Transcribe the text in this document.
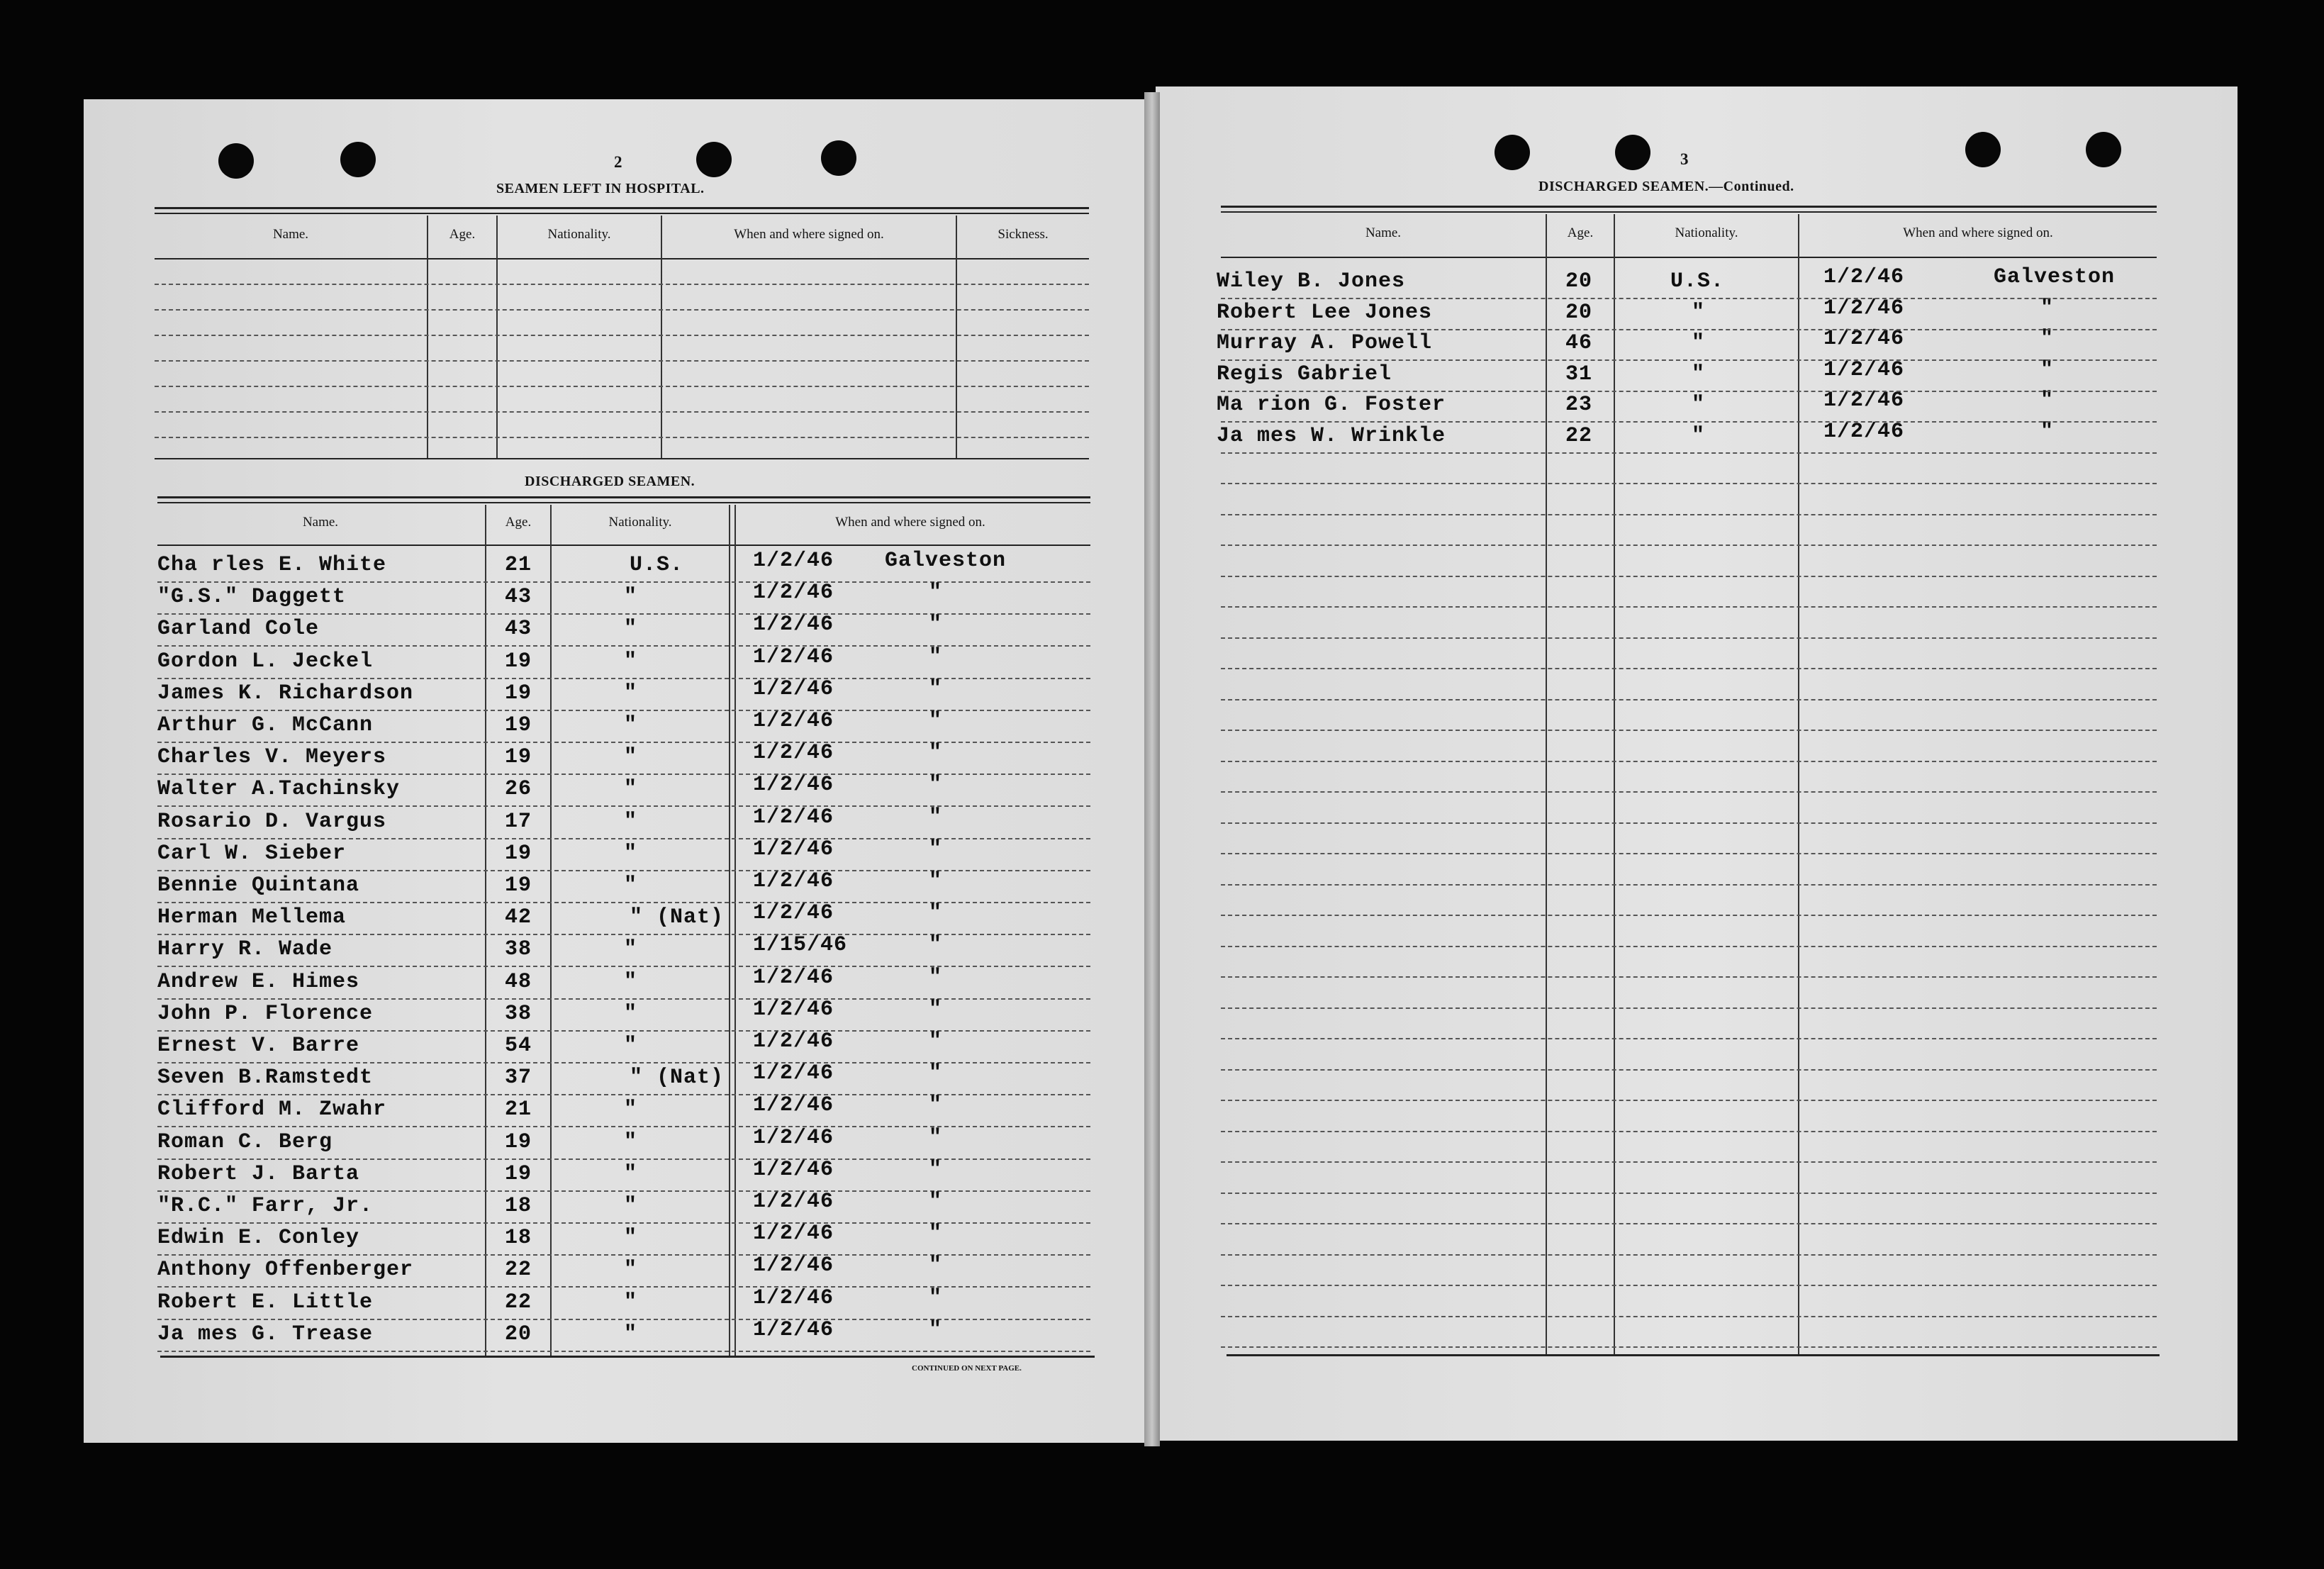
2
SEAMEN LEFT IN HOSPITAL.
Name.	Age.	Nationality.	When and where signed on.	Sickness.
DISCHARGED SEAMEN.
Name.	Age.	Nationality.	When and where signed on.
Cha rles E. White	21	U.S.	1/2/46 Galveston
"G.S." Daggett	43	"	1/2/46	"
Garland Cole	43	"	1/2/46	"
Gordon L. Jeckel	19	"	1/2/46	"
James K. Richardson	19	"	1/2/46	"
Arthur G. McCann	19	"	1/2/46	"
Charles V. Meyers	19	"	1/2/46	"
Walter A.Tachinsky	26	"	1/2/46	"
Rosario D. Vargus	17	"	1/2/46	"
Carl W. Sieber	19	"	1/2/46	"
Bennie Quintana	19	"	1/2/46	"
Herman Mellema	42	" (Nat) 1/2/46	"
Harry R. Wade	38	"	1/15/46	"
Andrew E. Himes	48	"	1/2/46	"
John P. Florence	38	"	1/2/46	"
Ernest V. Barre	54	"	1/2/46	"
Seven B.Ramstedt	37	" (Nat) 1/2/46	"
Clifford M. Zwahr	21	"	1/2/46	"
Roman C. Berg	19	"	1/2/46	"
Robert J. Barta	19	"	1/2/46	"
"R.C." Farr, Jr.	18	"	1/2/46	"
Edwin E. Conley	18	"	1/2/46	"
Anthony Offenberger	22	"	1/2/46	"
Robert E. Little	22	"	1/2/46	"
Ja mes G. Trease	20	"	1/2/46	"
CONTINUED ON NEXT PAGE.
3
DISCHARGED SEAMEN.—Continued.
Name.	Age.	Nationality.	When and where signed on.
Wiley B. Jones	20	U.S.	1/2/46	Galveston
Robert Lee Jones	20	"	1/2/46	"
Murray A. Powell	46	"	1/2/46	"
Regis Gabriel	31	"	1/2/46	"
Ma rion G. Foster	23	"	1/2/46	"
Ja mes W. Wrinkle	22	"	1/2/46	"
